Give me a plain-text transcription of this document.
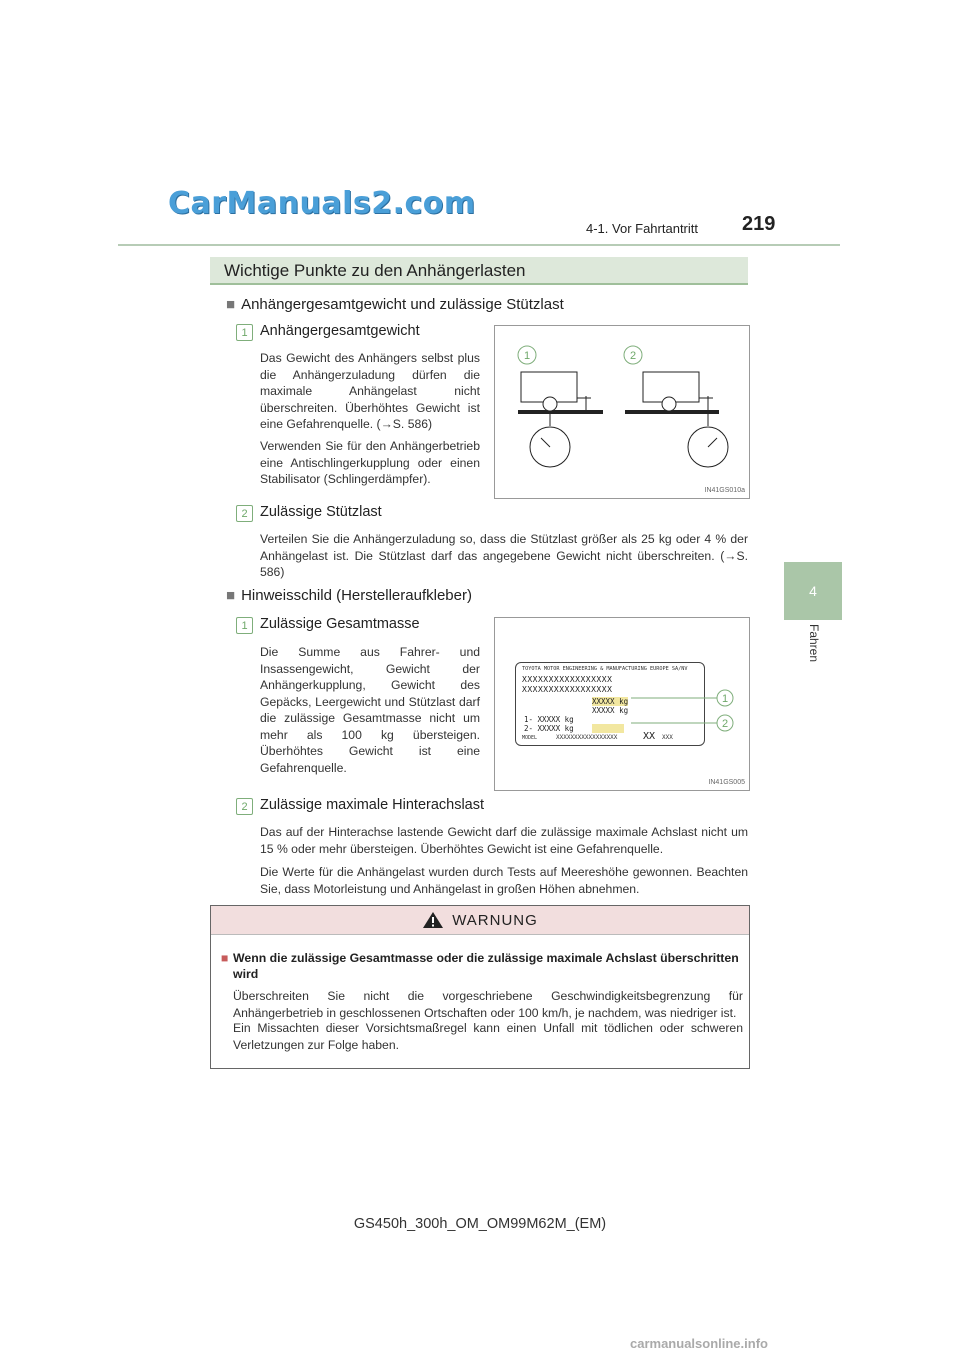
CarManuals2.com
4-1. Vor Fahrtantritt 219
4
Fahren
Wichtige Punkte zu den Anhängerlasten
■ Anhängergesamtgewicht und zulässige Stützlast
1 Anhängergesamtgewicht
Das Gewicht des Anhängers selbst plus die Anhängerzuladung dürfen die maximale Anhängelast nicht überschreiten. Überhöhtes Gewicht ist eine Gefahrenquelle. (→S. 586)
Verwenden Sie für den Anhängerbetrieb eine Antischlingerkupplung oder einen Stabilisator (Schlingerdämpfer).
1	2
IN41GS010a
2 Zulässige Stützlast
Verteilen Sie die Anhängerzuladung so, dass die Stützlast größer als 25 kg oder 4 % der Anhängelast ist. Die Stützlast darf das angegebene Gewicht nicht überschreiten. (→S. 586)
■ Hinweisschild (Herstelleraufkleber)
1 Zulässige Gesamtmasse
Die Summe aus Fahrer- und Insassengewicht, Gewicht der Anhängerkupplung, Gewicht des Gepäcks, Leergewicht und Stützlast darf die zulässige Gesamtmasse nicht um mehr als 100 kg übersteigen. Überhöhtes Gewicht ist eine Gefahrenquelle.
TOYOTA MOTOR ENGINEERING & MANUFACTURING EUROPE SA/NV
XXXXXXXXXXXXXXXXX
XXXXXXXXXXXXXXXXX
XXXXX kg
XXXXX kg
1- XXXXX kg
2- XXXXX kg
MODEL	XXXXXXXXXXXXXXXXX	XX XXX
1
2
IN41GS005
2 Zulässige maximale Hinterachslast
Das auf der Hinterachse lastende Gewicht darf die zulässige maximale Achslast nicht um 15 % oder mehr übersteigen. Überhöhtes Gewicht ist eine Gefahrenquelle.
Die Werte für die Anhängelast wurden durch Tests auf Meereshöhe gewonnen. Beachten Sie, dass Motorleistung und Anhängelast in großen Höhen abnehmen.
WARNUNG
■ Wenn die zulässige Gesamtmasse oder die zulässige maximale Achslast überschritten wird
Überschreiten Sie nicht die vorgeschriebene Geschwindigkeitsbegrenzung für Anhängerbetrieb in geschlossenen Ortschaften oder 100 km/h, je nachdem, was niedriger ist.
Ein Missachten dieser Vorsichtsmaßregel kann einen Unfall mit tödlichen oder schweren Verletzungen zur Folge haben.
GS450h_300h_OM_OM99M62M_(EM)
carmanualsonline.info
